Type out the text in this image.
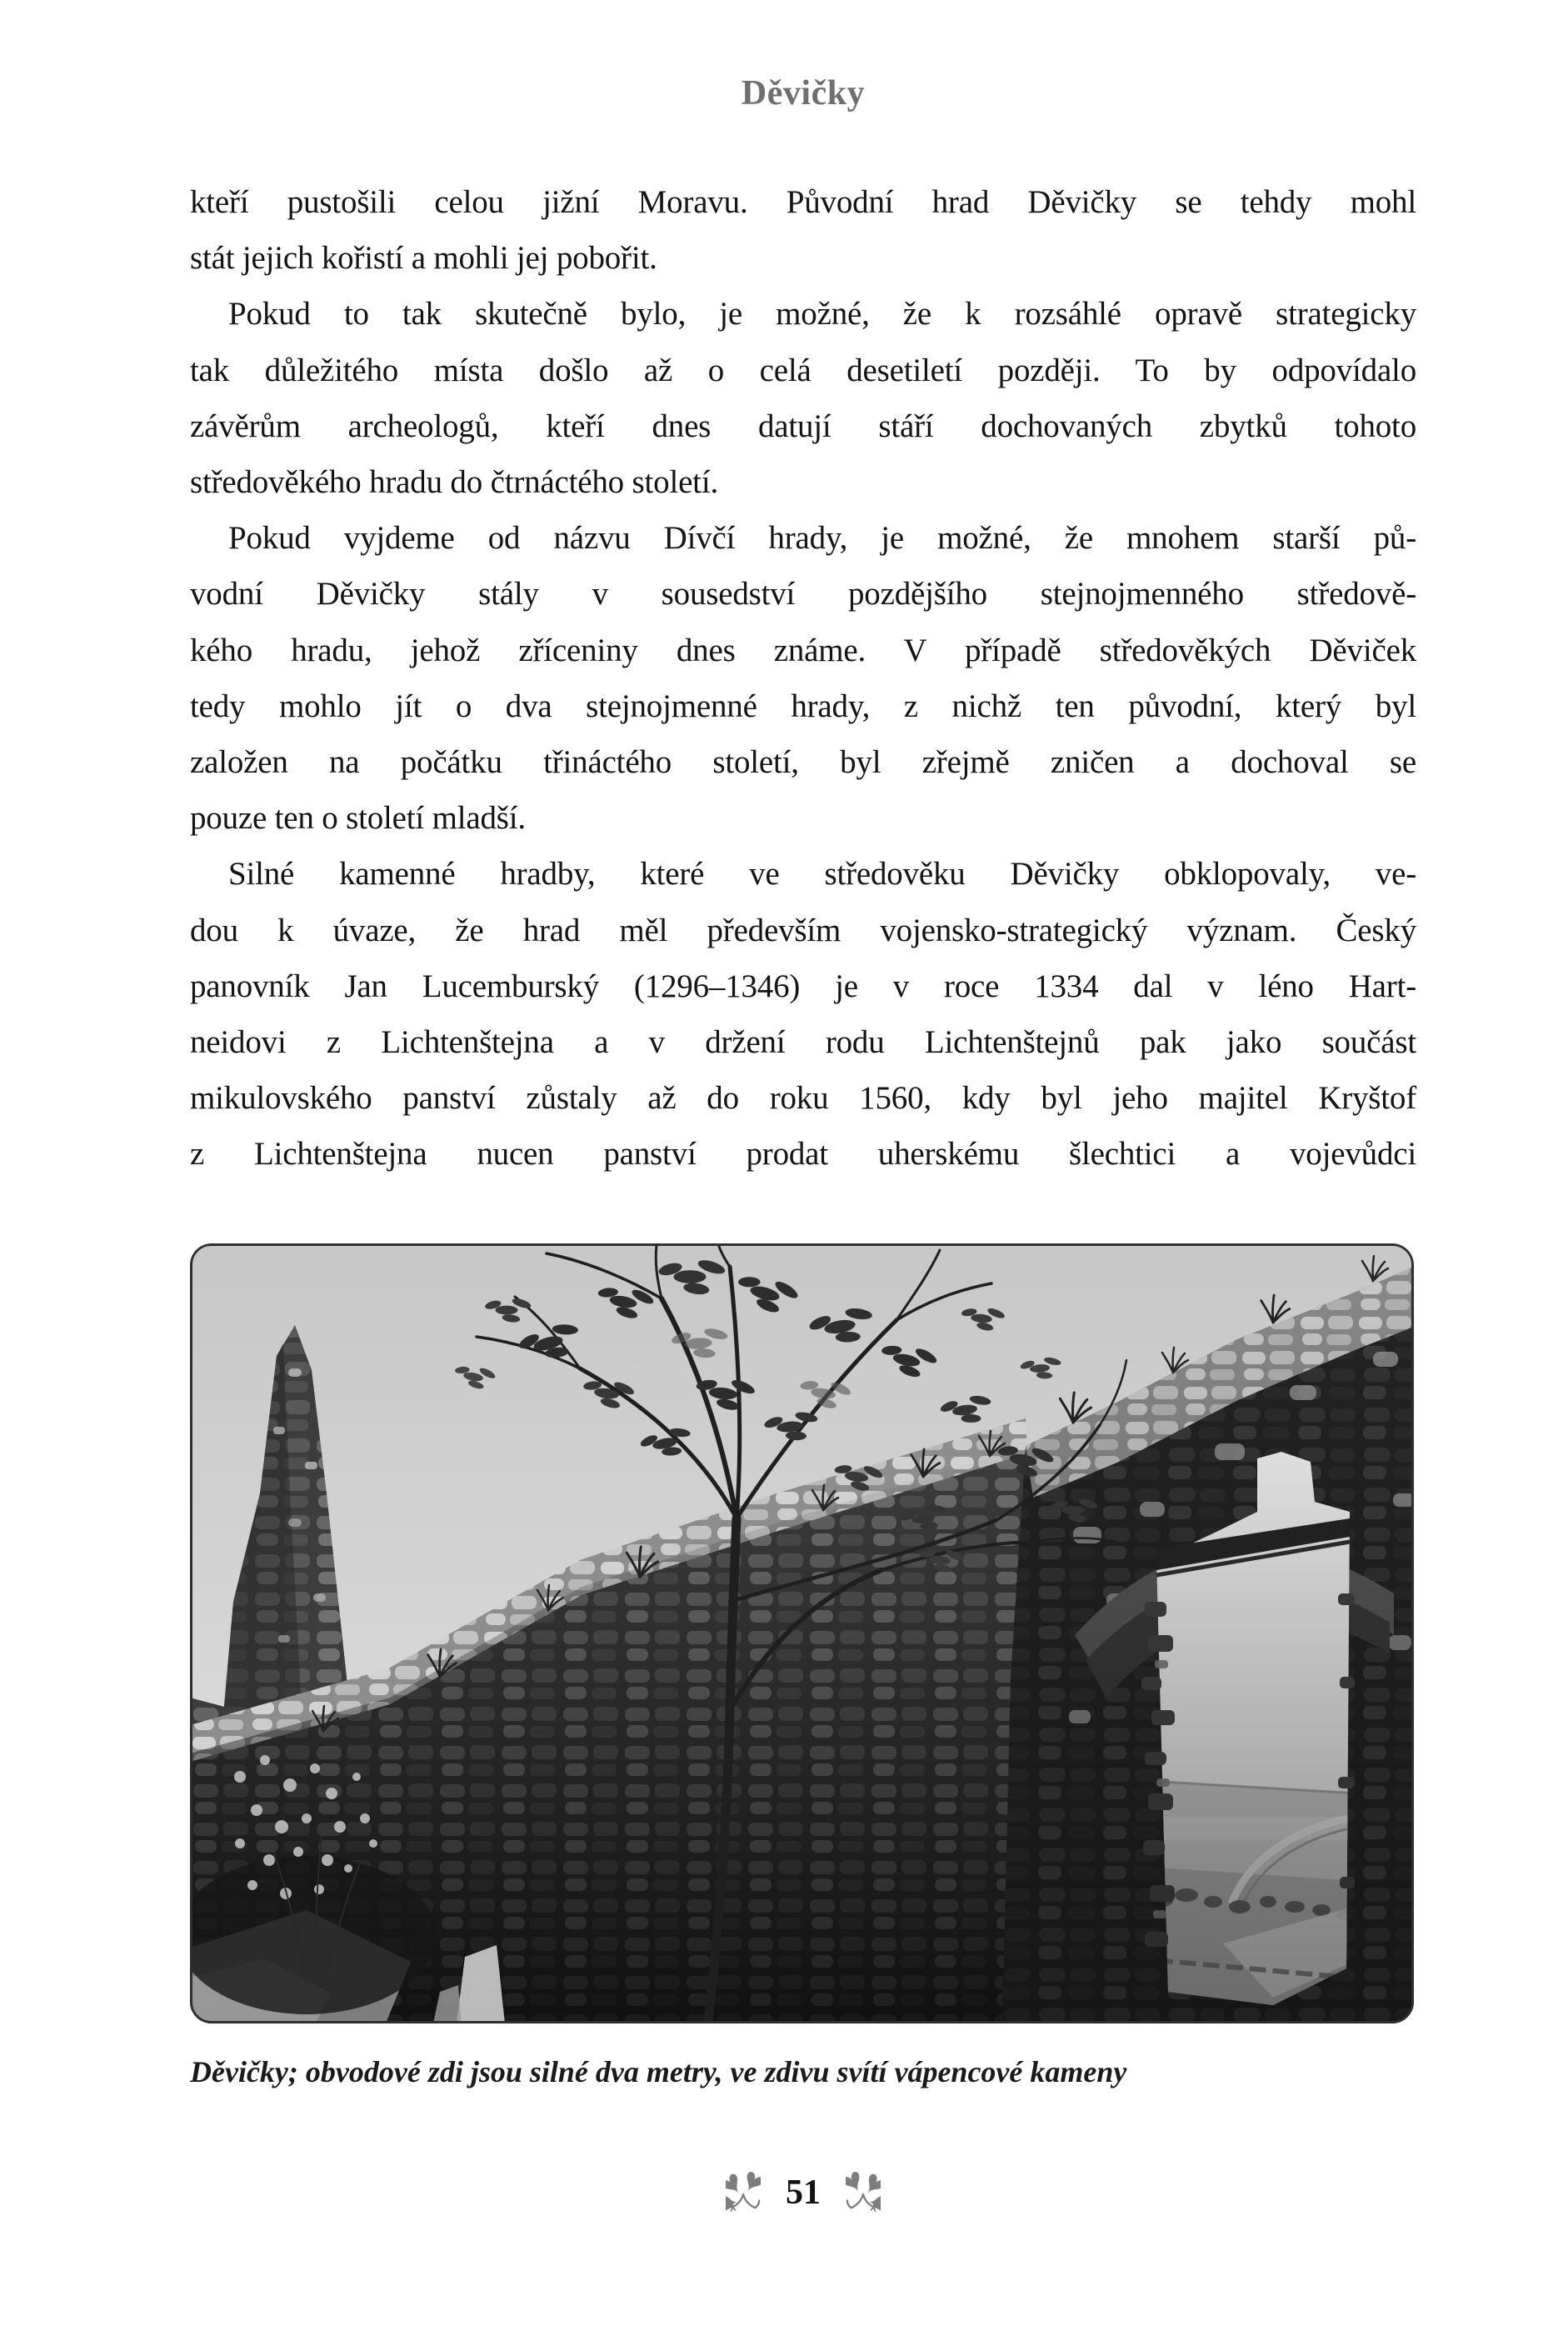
Děvičky
kteří pustošili celou jižní Moravu. Původní hrad Děvičky se tehdy mohl
stát jejich kořistí a mohli jej pobořit.
Pokud to tak skutečně bylo, je možné, že k rozsáhlé opravě strategicky
tak důležitého místa došlo až o celá desetiletí později. To by odpovídalo
závěrům archeologů, kteří dnes datují stáří dochovaných zbytků tohoto
středověkého hradu do čtrnáctého století.
Pokud vyjdeme od názvu Dívčí hrady, je možné, že mnohem starší pů-
vodní Děvičky stály v sousedství pozdějšího stejnojmenného středově-
kého hradu, jehož zříceniny dnes známe. V případě středověkých Děviček
tedy mohlo jít o dva stejnojmenné hrady, z nichž ten původní, který byl
založen na počátku třináctého století, byl zřejmě zničen a dochoval se
pouze ten o století mladší.
Silné kamenné hradby, které ve středověku Děvičky obklopovaly, ve-
dou k úvaze, že hrad měl především vojensko-strategický význam. Český
panovník Jan Lucemburský (1296–1346) je v roce 1334 dal v léno Hart-
neidovi z Lichtenštejna a v držení rodu Lichtenštejnů pak jako součást
mikulovského panství zůstaly až do roku 1560, kdy byl jeho majitel Kryštof
z Lichtenštejna nucen panství prodat uherskému šlechtici a vojevůdci
Děvičky; obvodové zdi jsou silné dva metry, ve zdivu svítí vápencové kameny
51
